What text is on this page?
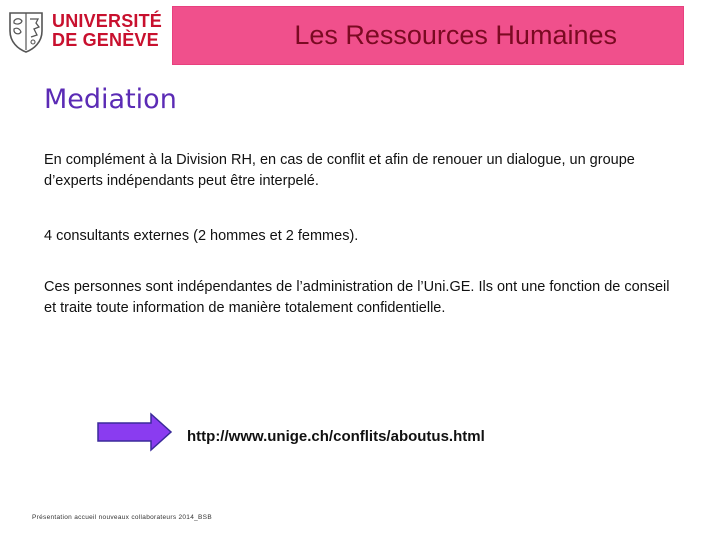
UNIVERSITÉ
DE GENÈVE	Les Ressources Humaines
Mediation
En complément à la Division RH, en cas de conflit et afin de renouer un dialogue, un groupe d’experts indépendants peut être interpelé.
4 consultants externes (2 hommes et 2 femmes).
Ces personnes sont indépendantes de l’administration de l’Uni.GE. Ils ont une fonction de conseil et traite toute information de manière totalement confidentielle.
http://www.unige.ch/conflits/aboutus.html
Présentation accueil nouveaux collaborateurs 2014_BSB
